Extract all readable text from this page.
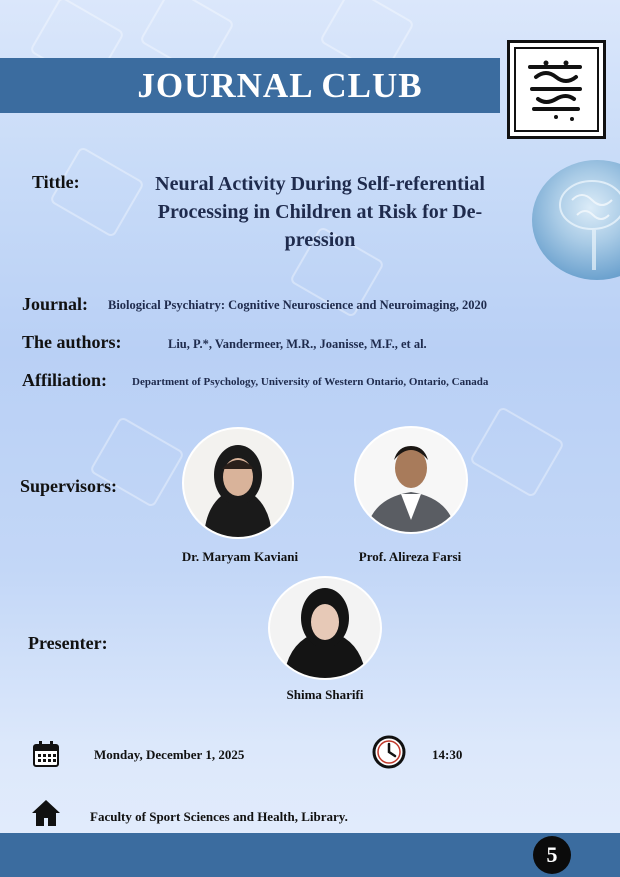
JOURNAL CLUB
Tittle:	Neural Activity During Self-referential
Processing in Children at Risk for De-
pression
Journal: Biological Psychiatry: Cognitive Neuroscience and Neuroimaging, 2020
The authors:	Liu, P.*, Vandermeer, M.R., Joanisse, M.F., et al.
Affiliation: Department of Psychology, University of Western Ontario, Ontario, Canada
Supervisors:
Dr. Maryam Kaviani	Prof. Alireza Farsi
Presenter:
Shima Sharifi
Monday, December 1, 2025	14:30
Faculty of Sport Sciences and Health, Library.
5
